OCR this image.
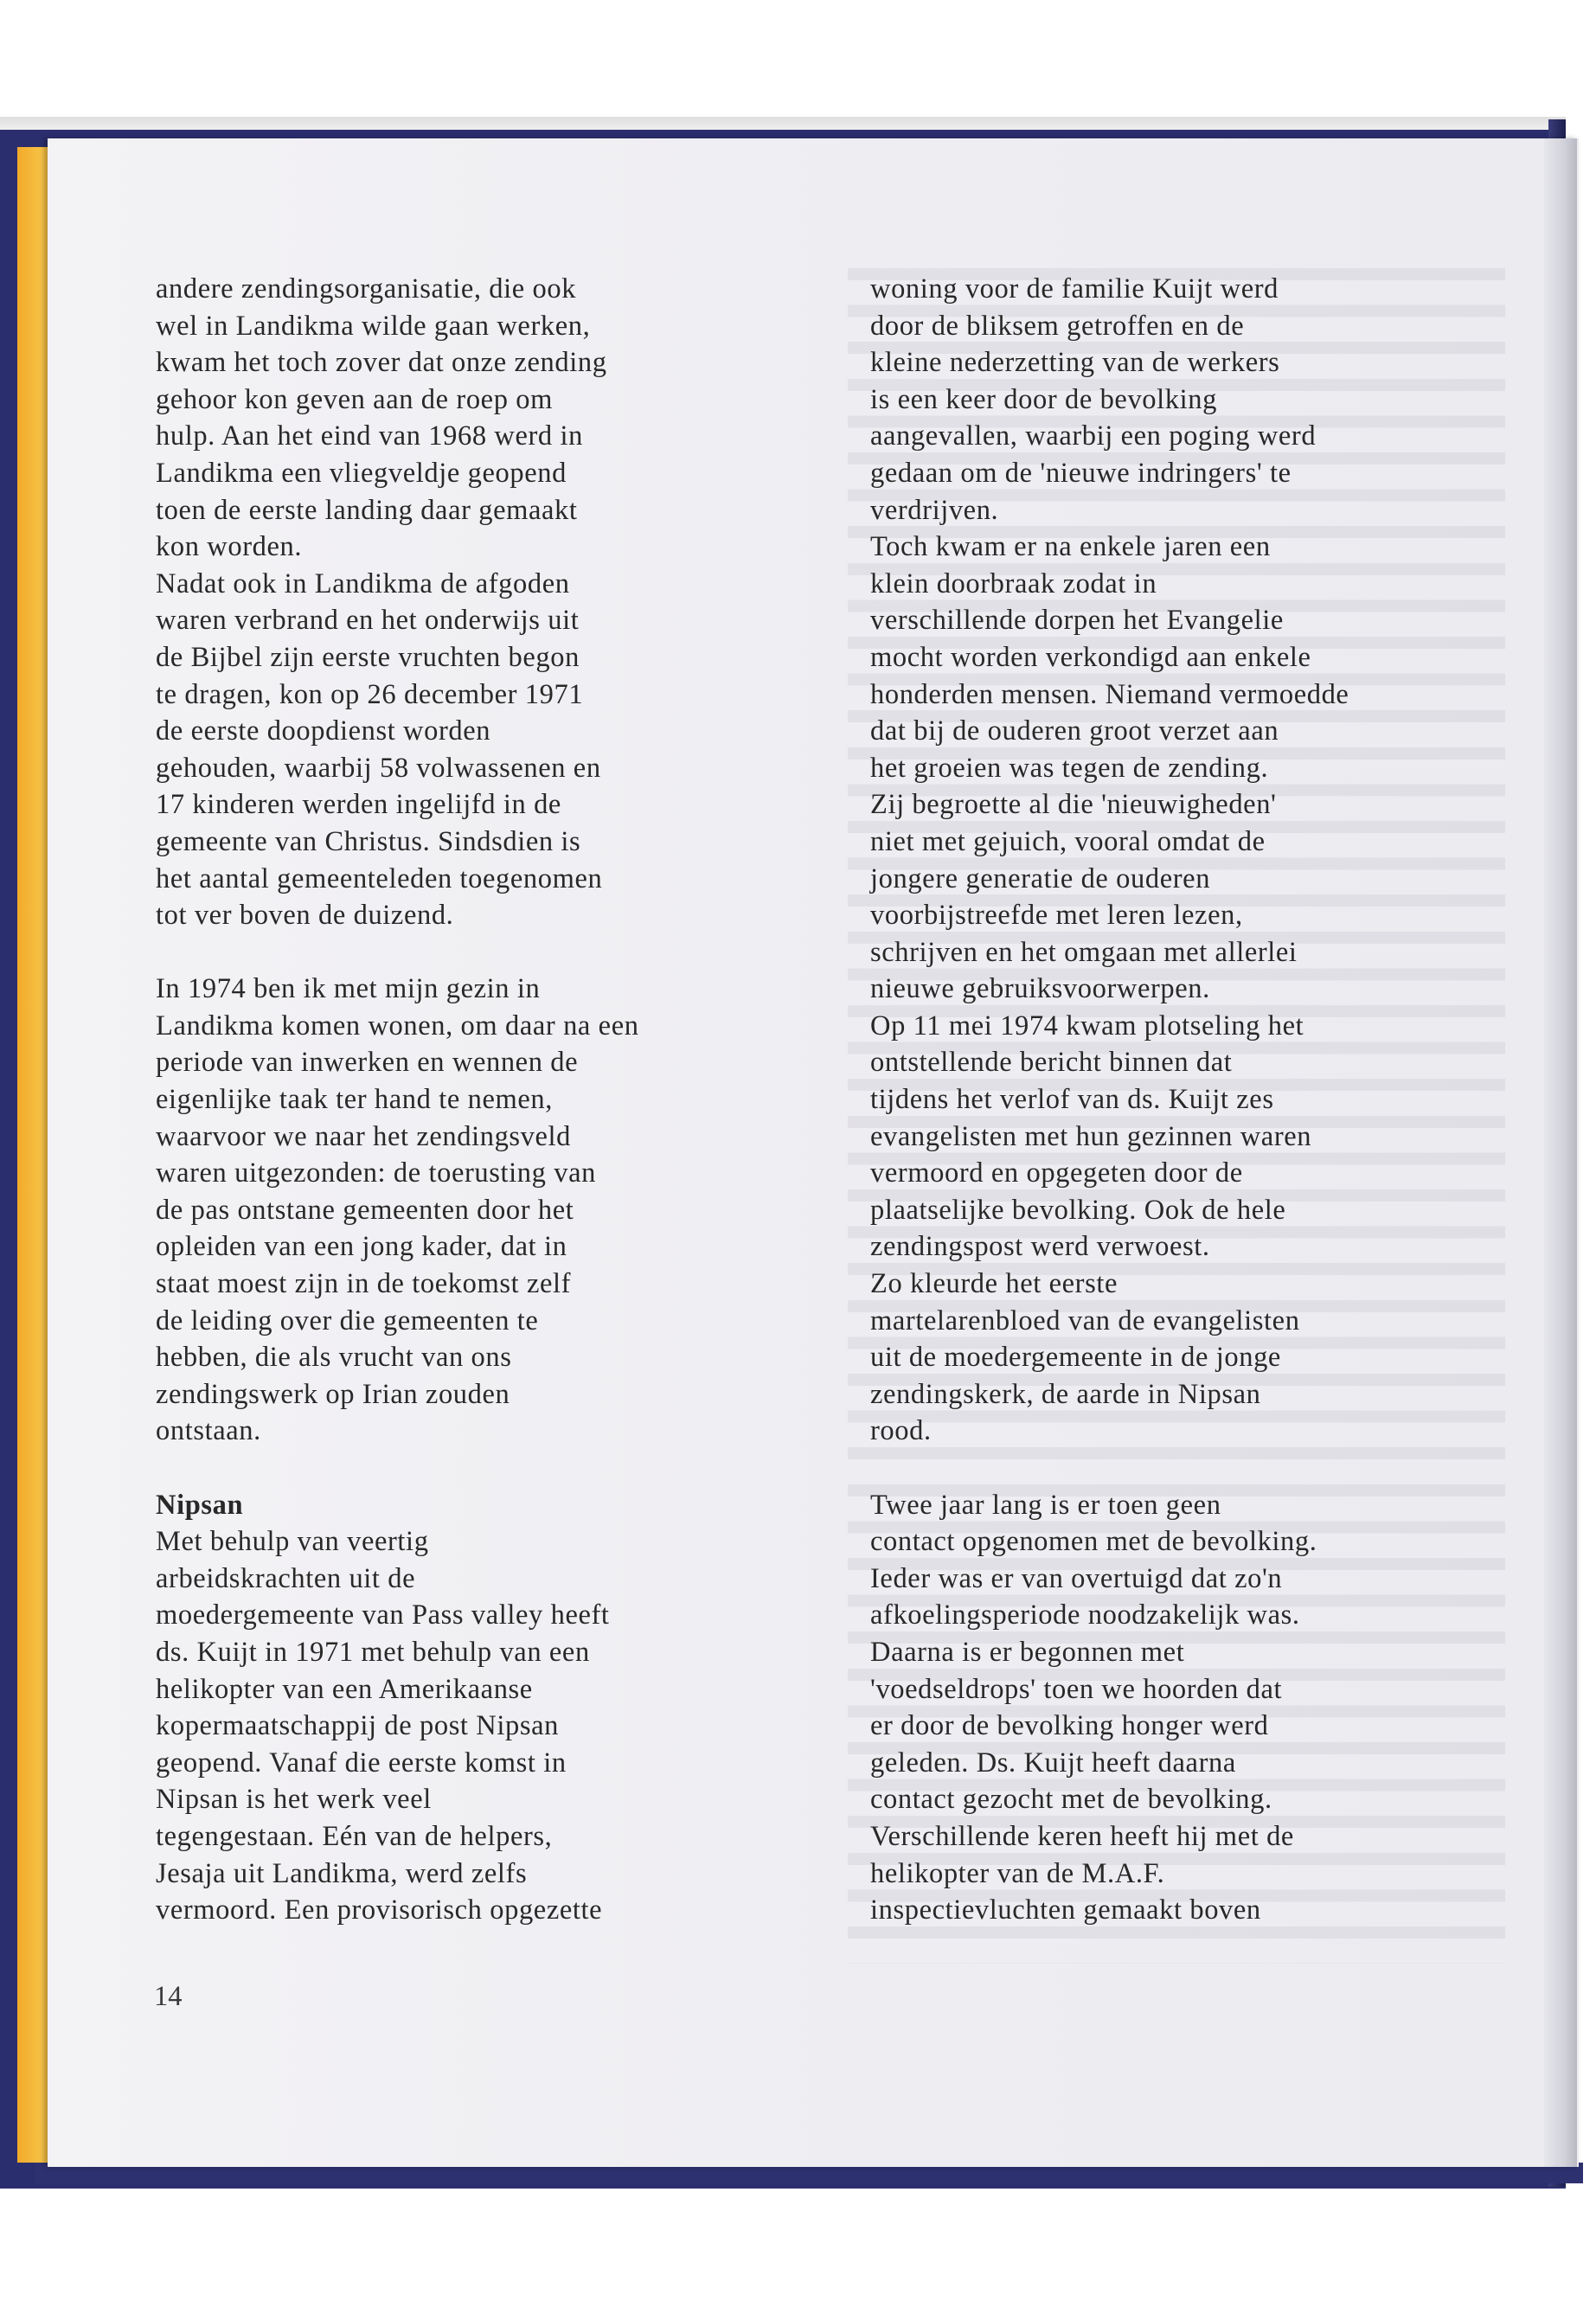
andere zendingsorganisatie, die ook
wel in Landikma wilde gaan werken,
kwam het toch zover dat onze zending
gehoor kon geven aan de roep om
hulp. Aan het eind van 1968 werd in
Landikma een vliegveldje geopend
toen de eerste landing daar gemaakt
kon worden.
Nadat ook in Landikma de afgoden
waren verbrand en het onderwijs uit
de Bijbel zijn eerste vruchten begon
te dragen, kon op 26 december 1971
de eerste doopdienst worden
gehouden, waarbij 58 volwassenen en
17 kinderen werden ingelijfd in de
gemeente van Christus. Sindsdien is
het aantal gemeenteleden toegenomen
tot ver boven de duizend.
In 1974 ben ik met mijn gezin in
Landikma komen wonen, om daar na een
periode van inwerken en wennen de
eigenlijke taak ter hand te nemen,
waarvoor we naar het zendingsveld
waren uitgezonden: de toerusting van
de pas ontstane gemeenten door het
opleiden van een jong kader, dat in
staat moest zijn in de toekomst zelf
de leiding over die gemeenten te
hebben, die als vrucht van ons
zendingswerk op Irian zouden
ontstaan.
Nipsan
Met behulp van veertig
arbeidskrachten uit de
moedergemeente van Pass valley heeft
ds. Kuijt in 1971 met behulp van een
helikopter van een Amerikaanse
kopermaatschappij de post Nipsan
geopend. Vanaf die eerste komst in
Nipsan is het werk veel
tegengestaan. Eén van de helpers,
Jesaja uit Landikma, werd zelfs
vermoord. Een provisorisch opgezette
woning voor de familie Kuijt werd
door de bliksem getroffen en de
kleine nederzetting van de werkers
is een keer door de bevolking
aangevallen, waarbij een poging werd
gedaan om de 'nieuwe indringers' te
verdrijven.
Toch kwam er na enkele jaren een
klein doorbraak zodat in
verschillende dorpen het Evangelie
mocht worden verkondigd aan enkele
honderden mensen. Niemand vermoedde
dat bij de ouderen groot verzet aan
het groeien was tegen de zending.
Zij begroette al die 'nieuwigheden'
niet met gejuich, vooral omdat de
jongere generatie de ouderen
voorbijstreefde met leren lezen,
schrijven en het omgaan met allerlei
nieuwe gebruiksvoorwerpen.
Op 11 mei 1974 kwam plotseling het
ontstellende bericht binnen dat
tijdens het verlof van ds. Kuijt zes
evangelisten met hun gezinnen waren
vermoord en opgegeten door de
plaatselijke bevolking. Ook de hele
zendingspost werd verwoest.
Zo kleurde het eerste
martelarenbloed van de evangelisten
uit de moedergemeente in de jonge
zendingskerk, de aarde in Nipsan
rood.
Twee jaar lang is er toen geen
contact opgenomen met de bevolking.
Ieder was er van overtuigd dat zo'n
afkoelingsperiode noodzakelijk was.
Daarna is er begonnen met
'voedseldrops' toen we hoorden dat
er door de bevolking honger werd
geleden. Ds. Kuijt heeft daarna
contact gezocht met de bevolking.
Verschillende keren heeft hij met de
helikopter van de M.A.F.
inspectievluchten gemaakt boven
14
